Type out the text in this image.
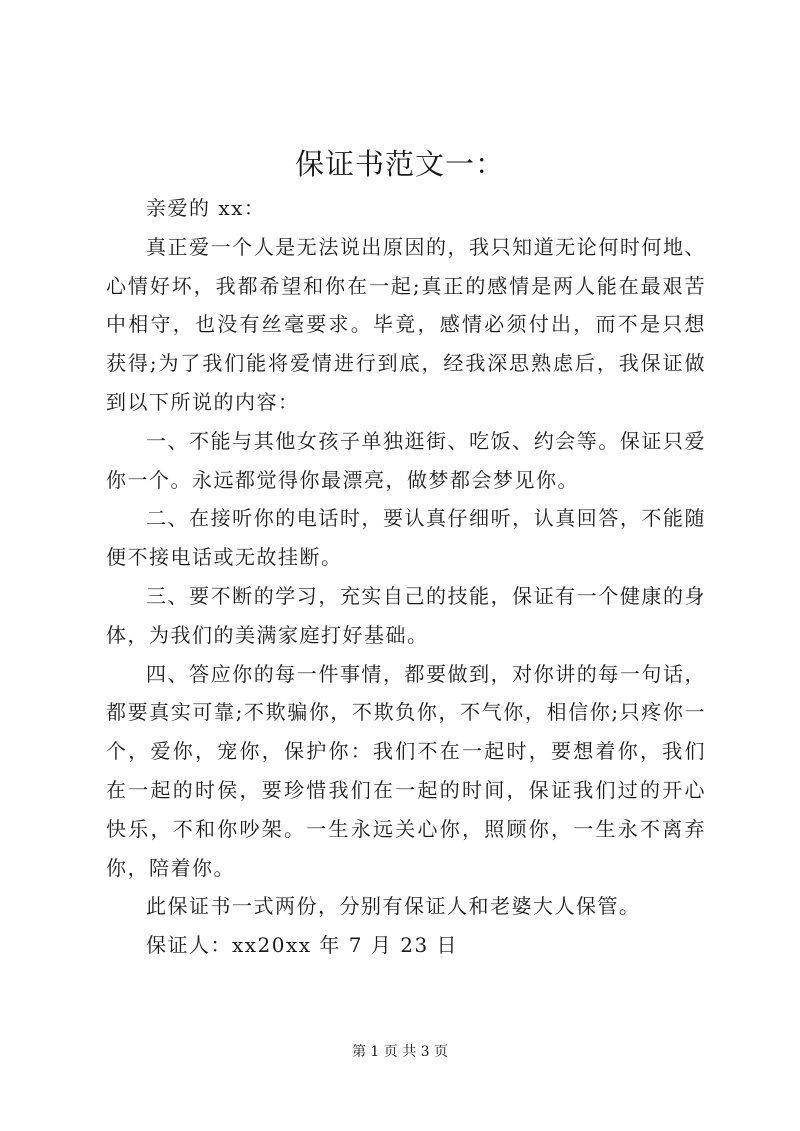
保证书范文一：

亲爱的 xx：

真正爱一个人是无法说出原因的，我只知道无论何时何地、心情好坏，我都希望和你在一起;真正的感情是两人能在最艰苦中相守，也没有丝毫要求。毕竟，感情必须付出，而不是只想获得;为了我们能将爱情进行到底，经我深思熟虑后，我保证做到以下所说的内容：

一、不能与其他女孩子单独逛街、吃饭、约会等。保证只爱你一个。永远都觉得你最漂亮，做梦都会梦见你。

二、在接听你的电话时，要认真仔细听，认真回答，不能随便不接电话或无故挂断。

三、要不断的学习，充实自己的技能，保证有一个健康的身体，为我们的美满家庭打好基础。

四、答应你的每一件事情，都要做到，对你讲的每一句话，都要真实可靠;不欺骗你，不欺负你，不气你，相信你;只疼你一个，爱你，宠你，保护你：我们不在一起时，要想着你，我们在一起的时侯，要珍惜我们在一起的时间，保证我们过的开心快乐，不和你吵架。一生永远关心你，照顾你，一生永不离弃你，陪着你。

此保证书一式两份，分别有保证人和老婆大人保管。

保证人：xx20xx 年 7 月 23 日

第 1 页 共 3 页
